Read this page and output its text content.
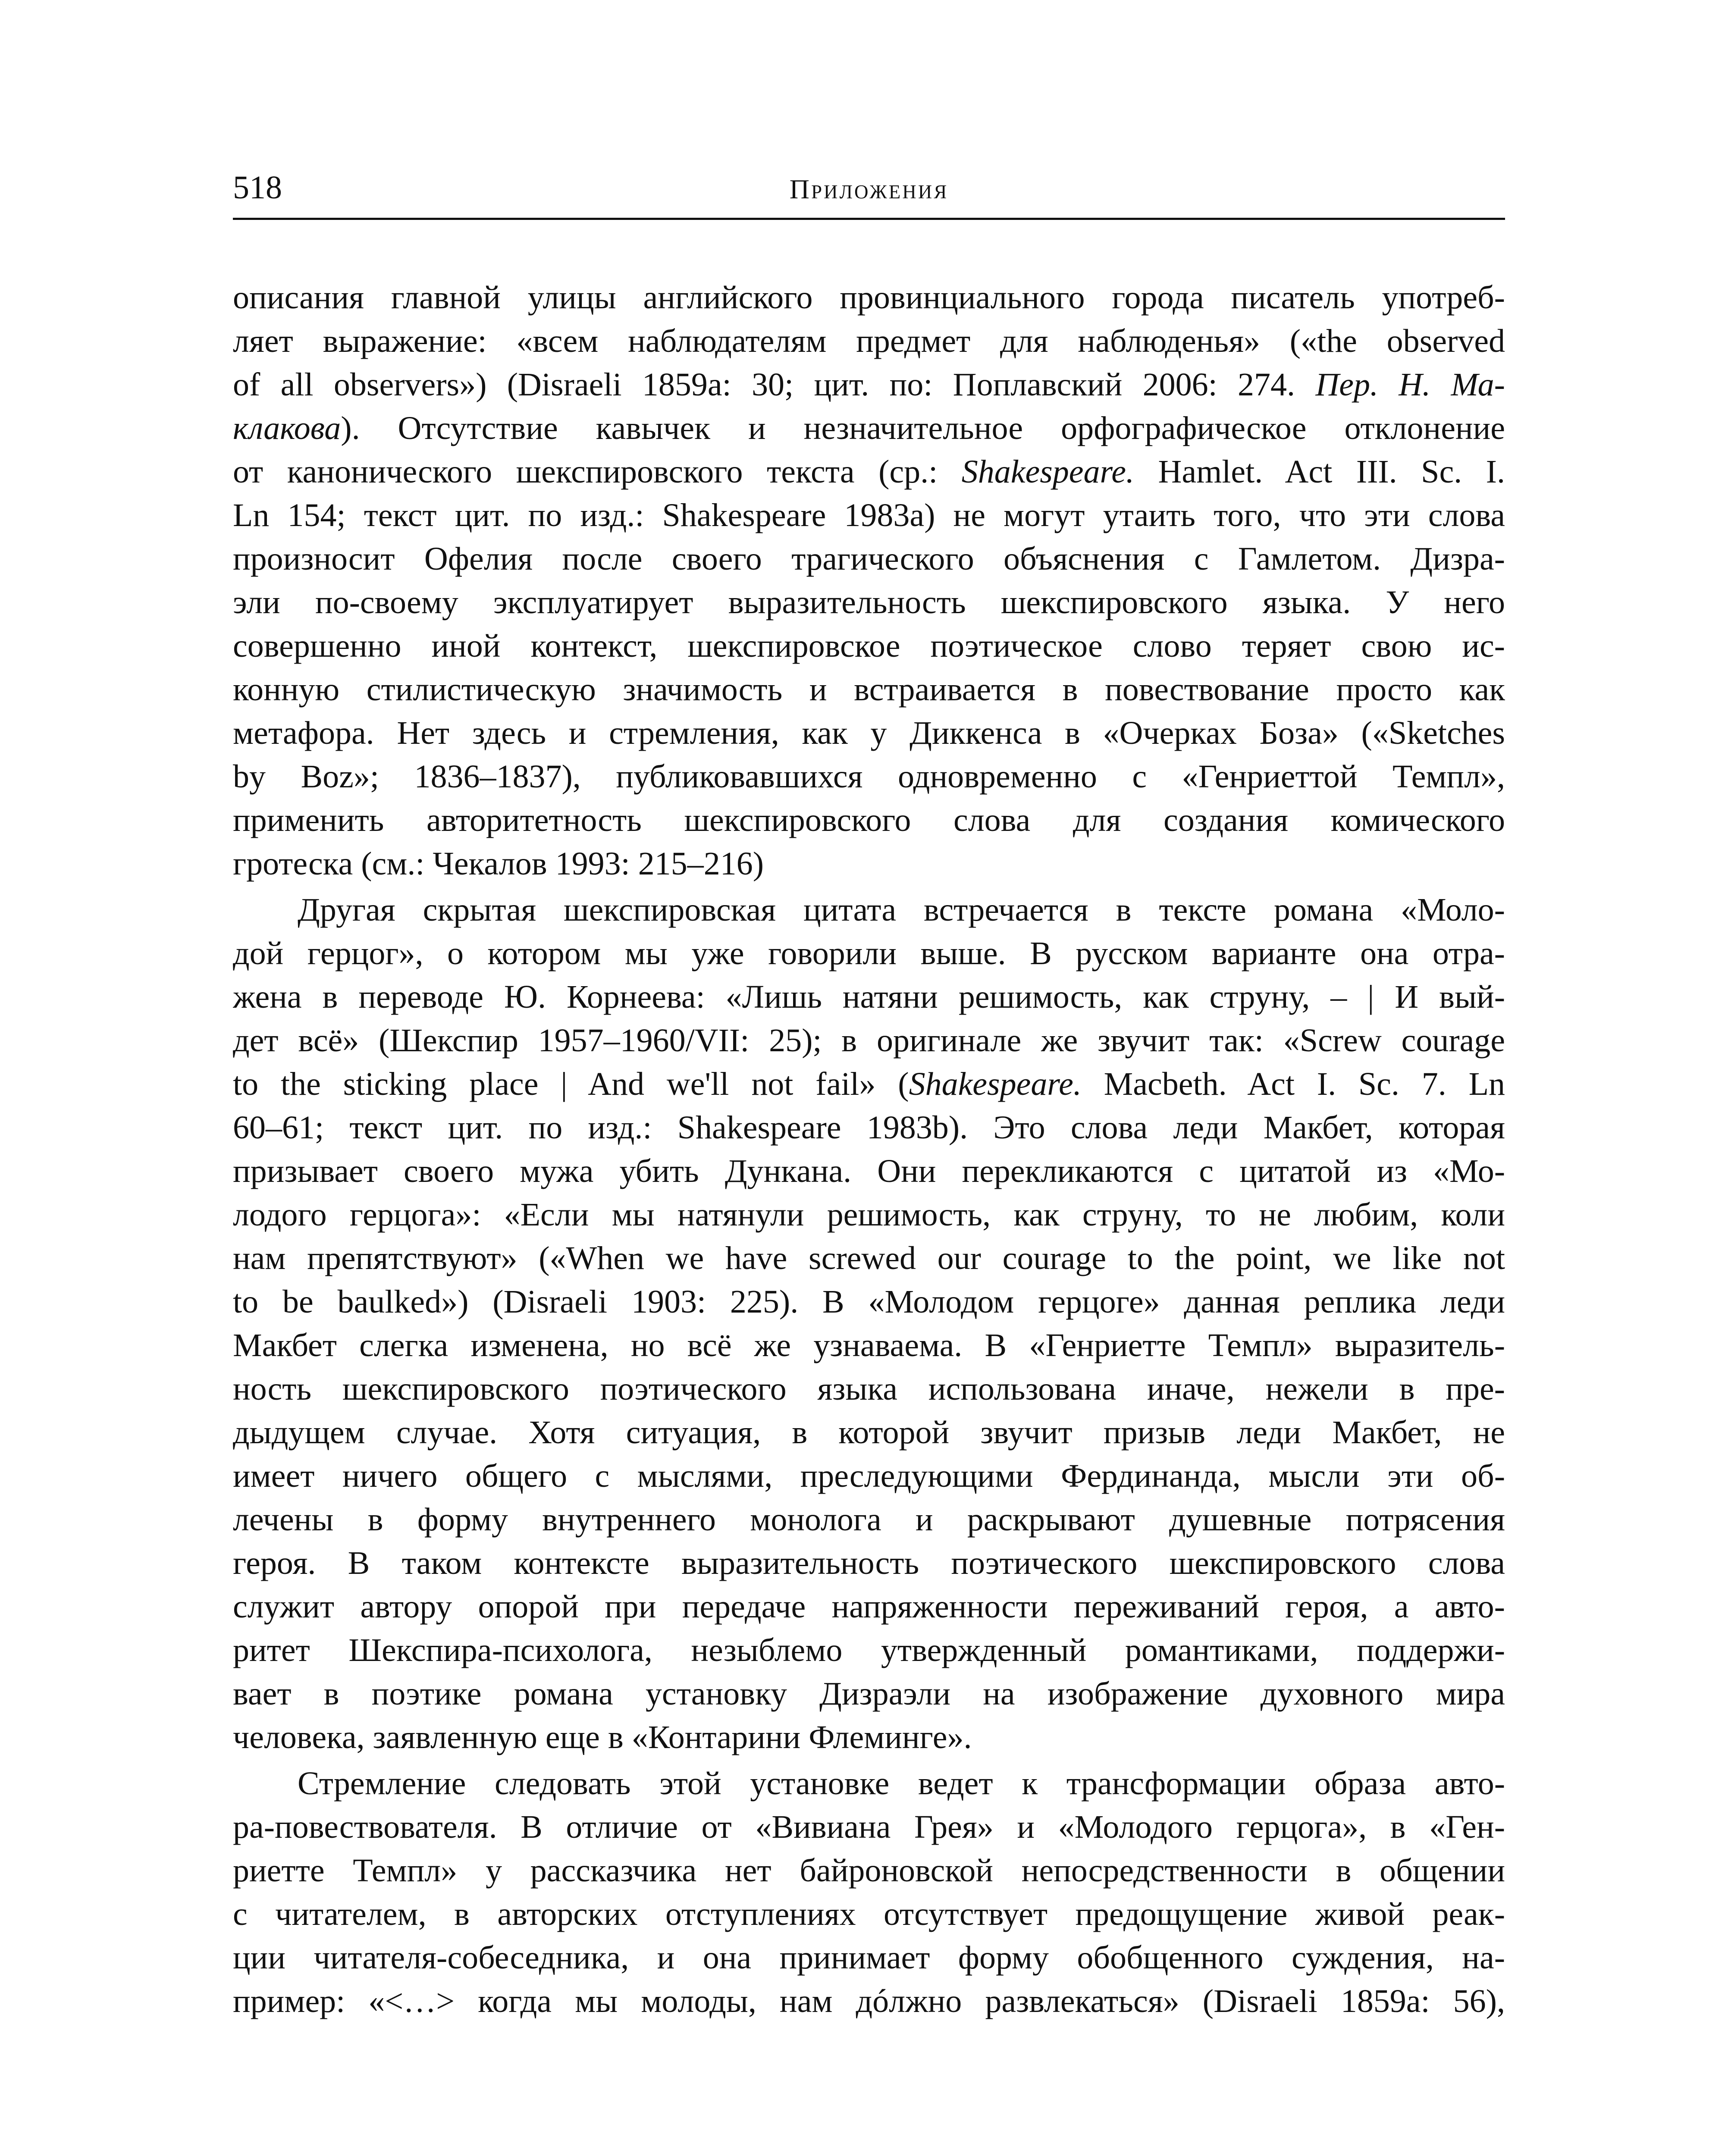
518	Приложения
описания главной улицы английского провинциального города писатель употреб-
ляет выражение: «всем наблюдателям предмет для наблюденья» («the observed
of all observers») (Disraeli 1859a: 30; цит. по: Поплавский 2006: 274. Пер. Н. Ма-
клакова). Отсутствие кавычек и незначительное орфографическое отклонение
от канонического шекспировского текста (ср.: Shakespeare. Hamlet. Act III. Sc. I.
Ln 154; текст цит. по изд.: Shakespeare 1983a) не могут утаить того, что эти слова
произносит Офелия после своего трагического объяснения с Гамлетом. Дизра-
эли по-своему эксплуатирует выразительность шекспировского языка. У него
совершенно иной контекст, шекспировское поэтическое слово теряет свою ис-
конную стилистическую значимость и встраивается в повествование просто как
метафора. Нет здесь и стремления, как у Диккенса в «Очерках Боза» («Sketches
by Boz»; 1836–1837), публиковавшихся одновременно с «Генриеттой Темпл»,
применить авторитетность шекспировского слова для создания комического
гротеска (см.: Чекалов 1993: 215–216)
Другая скрытая шекспировская цитата встречается в тексте романа «Моло-
дой герцог», о котором мы уже говорили выше. В русском варианте она отра-
жена в переводе Ю. Корнеева: «Лишь натяни решимость, как струну, – | И вый-
дет всё» (Шекспир 1957–1960/VII: 25); в оригинале же звучит так: «Screw courage
to the sticking place | And we'll not fail» (Shakespeare. Macbeth. Act I. Sc. 7. Ln
60–61; текст цит. по изд.: Shakespeare 1983b). Это слова леди Макбет, которая
призывает своего мужа убить Дункана. Они перекликаются с цитатой из «Мо-
лодого герцога»: «Если мы натянули решимость, как струну, то не любим, коли
нам препятствуют» («When we have screwed our courage to the point, we like not
to be baulked») (Disraeli 1903: 225). В «Молодом герцоге» данная реплика леди
Макбет слегка изменена, но всё же узнаваема. В «Генриетте Темпл» выразитель-
ность шекспировского поэтического языка использована иначе, нежели в пре-
дыдущем случае. Хотя ситуация, в которой звучит призыв леди Макбет, не
имеет ничего общего с мыслями, преследующими Фердинанда, мысли эти об-
лечены в форму внутреннего монолога и раскрывают душевные потрясения
героя. В таком контексте выразительность поэтического шекспировского слова
служит автору опорой при передаче напряженности переживаний героя, а авто-
ритет Шекспира-психолога, незыблемо утвержденный романтиками, поддержи-
вает в поэтике романа установку Дизраэли на изображение духовного мира
человека, заявленную еще в «Контарини Флеминге».
Стремление следовать этой установке ведет к трансформации образа авто-
ра-повествователя. В отличие от «Вивиана Грея» и «Молодого герцога», в «Ген-
риетте Темпл» у рассказчика нет байроновской непосредственности в общении
с читателем, в авторских отступлениях отсутствует предощущение живой реак-
ции читателя-собеседника, и она принимает форму обобщенного суждения, на-
пример: «<…> когда мы молоды, нам дóлжно развлекаться» (Disraeli 1859a: 56),
